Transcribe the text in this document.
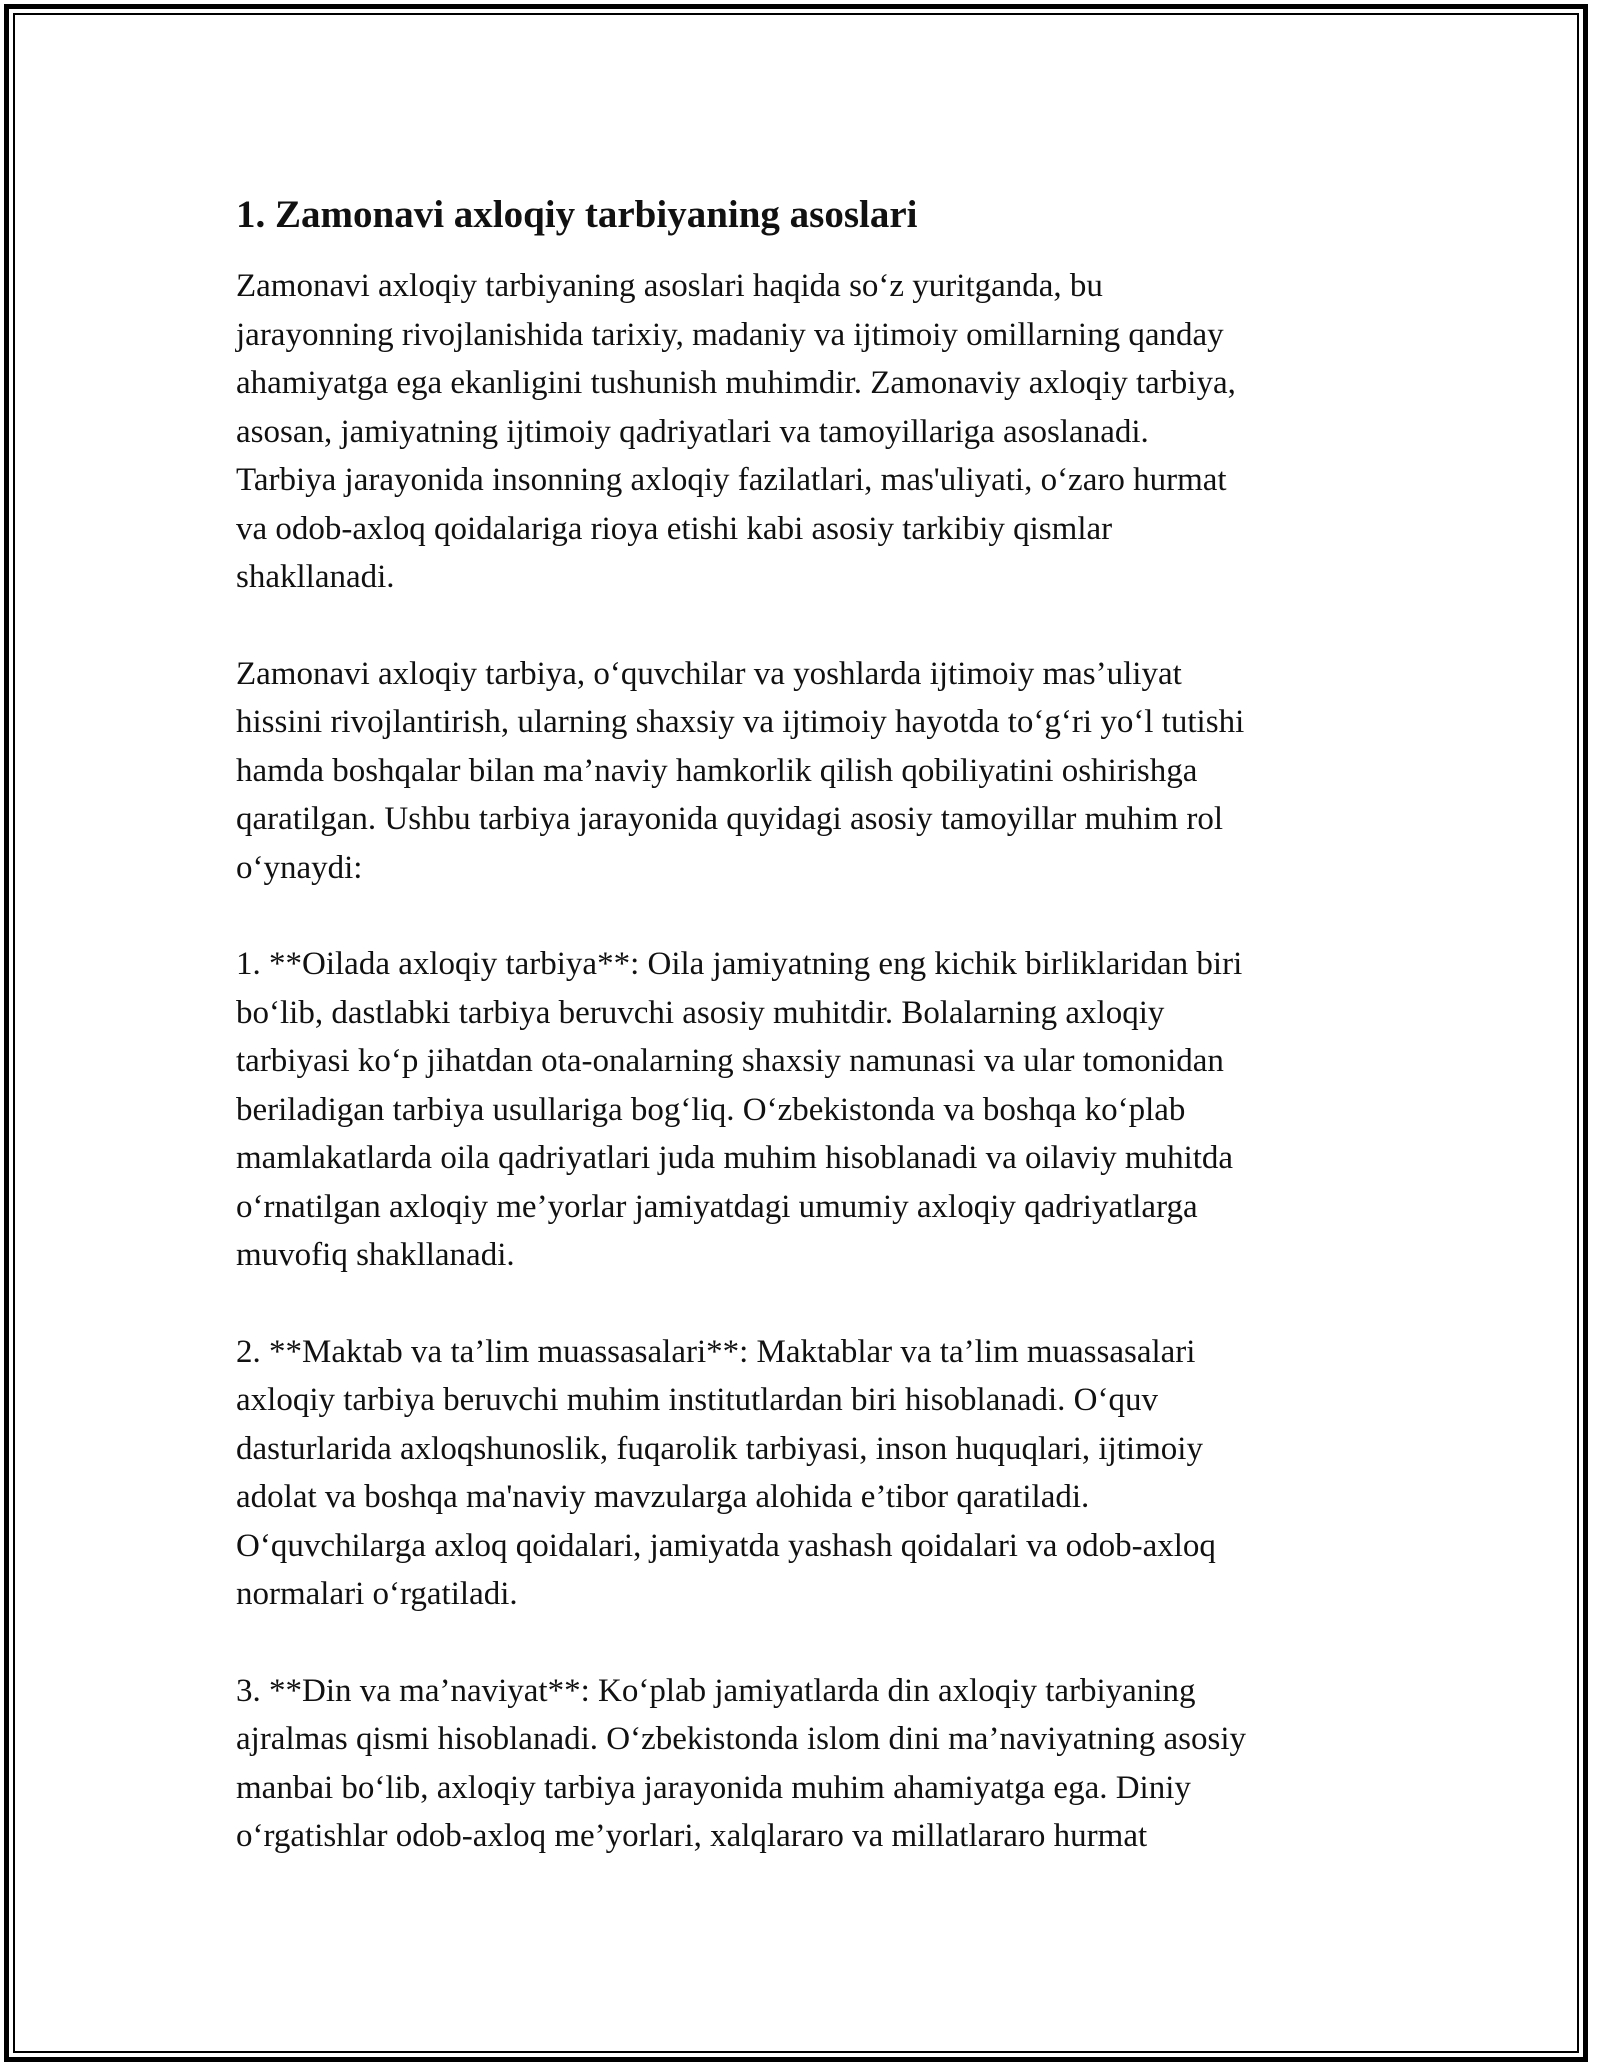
1. Zamonavi axloqiy tarbiyaning asoslari

Zamonavi axloqiy tarbiyaning asoslari haqida so‘z yuritganda, bu
jarayonning rivojlanishida tarixiy, madaniy va ijtimoiy omillarning qanday
ahamiyatga ega ekanligini tushunish muhimdir. Zamonaviy axloqiy tarbiya,
asosan, jamiyatning ijtimoiy qadriyatlari va tamoyillariga asoslanadi.
Tarbiya jarayonida insonning axloqiy fazilatlari, mas'uliyati, o‘zaro hurmat
va odob-axloq qoidalariga rioya etishi kabi asosiy tarkibiy qismlar
shakllanadi.

Zamonavi axloqiy tarbiya, o‘quvchilar va yoshlarda ijtimoiy mas’uliyat
hissini rivojlantirish, ularning shaxsiy va ijtimoiy hayotda to‘g‘ri yo‘l tutishi
hamda boshqalar bilan ma’naviy hamkorlik qilish qobiliyatini oshirishga
qaratilgan. Ushbu tarbiya jarayonida quyidagi asosiy tamoyillar muhim rol
o‘ynaydi:

1. **Oilada axloqiy tarbiya**: Oila jamiyatning eng kichik birliklaridan biri
bo‘lib, dastlabki tarbiya beruvchi asosiy muhitdir. Bolalarning axloqiy
tarbiyasi ko‘p jihatdan ota-onalarning shaxsiy namunasi va ular tomonidan
beriladigan tarbiya usullariga bog‘liq. O‘zbekistonda va boshqa ko‘plab
mamlakatlarda oila qadriyatlari juda muhim hisoblanadi va oilaviy muhitda
o‘rnatilgan axloqiy me’yorlar jamiyatdagi umumiy axloqiy qadriyatlarga
muvofiq shakllanadi.

2. **Maktab va ta’lim muassasalari**: Maktablar va ta’lim muassasalari
axloqiy tarbiya beruvchi muhim institutlardan biri hisoblanadi. O‘quv
dasturlarida axloqshunoslik, fuqarolik tarbiyasi, inson huquqlari, ijtimoiy
adolat va boshqa ma'naviy mavzularga alohida e’tibor qaratiladi.
O‘quvchilarga axloq qoidalari, jamiyatda yashash qoidalari va odob-axloq
normalari o‘rgatiladi.

3. **Din va ma’naviyat**: Ko‘plab jamiyatlarda din axloqiy tarbiyaning
ajralmas qismi hisoblanadi. O‘zbekistonda islom dini ma’naviyatning asosiy
manbai bo‘lib, axloqiy tarbiya jarayonida muhim ahamiyatga ega. Diniy
o‘rgatishlar odob-axloq me’yorlari, xalqlararo va millatlararo hurmat
